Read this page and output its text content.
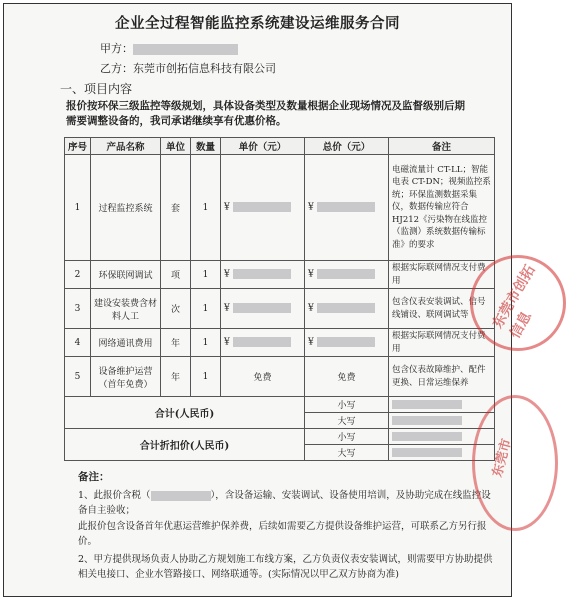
企业全过程智能监控系统建设运维服务合同
甲方：
乙方：东莞市创拓信息科技有限公司
一、项目内容
报价按环保三级监控等级规划，具体设备类型及数量根据企业现场情况及监督级别后期需要调整设备的，我司承诺继续享有优惠价格。
序号	产品名称	单位	数量	单价（元）	总价（元）	备注
1	过程监控系统	套	1	¥	¥	电磁流量计 CT-LL；智能电表 CT-DN；视频监控系统；环保监测数据采集仪，数据传输应符合 HJ212《污染物在线监控（监测）系统数据传输标准》的要求
2	环保联网调试	项	1	¥	¥	根据实际联网情况支付费用
3	建设安装费含材料人工	次	1	¥	¥	包含仪表安装调试、信号线铺设、联网调试等
4	网络通讯费用	年	1	¥	¥	根据实际联网情况支付费用
5	设备维护运营（首年免费）	年	1	免费	免费	包含仪表故障维护、配件更换、日常运维保养
合计(人民币)					小写	
					大写	
合计折扣价(人民币)					小写	
					大写	
备注：
1、此报价含税（	），含设备运输、安装调试、设备使用培训，及协助完成在线监控设备自主验收；
此报价包含设备首年优惠运营维护保养费，后续如需要乙方提供设备维护运营，可联系乙方另行报价。
2、甲方提供现场负责人协助乙方规划施工布线方案，乙方负责仪表安装调试，则需要甲方协助提供相关电接口、企业水管路接口、网络联通等。(实际情况以甲乙双方协商为准)
东莞市创拓信息
东莞市
